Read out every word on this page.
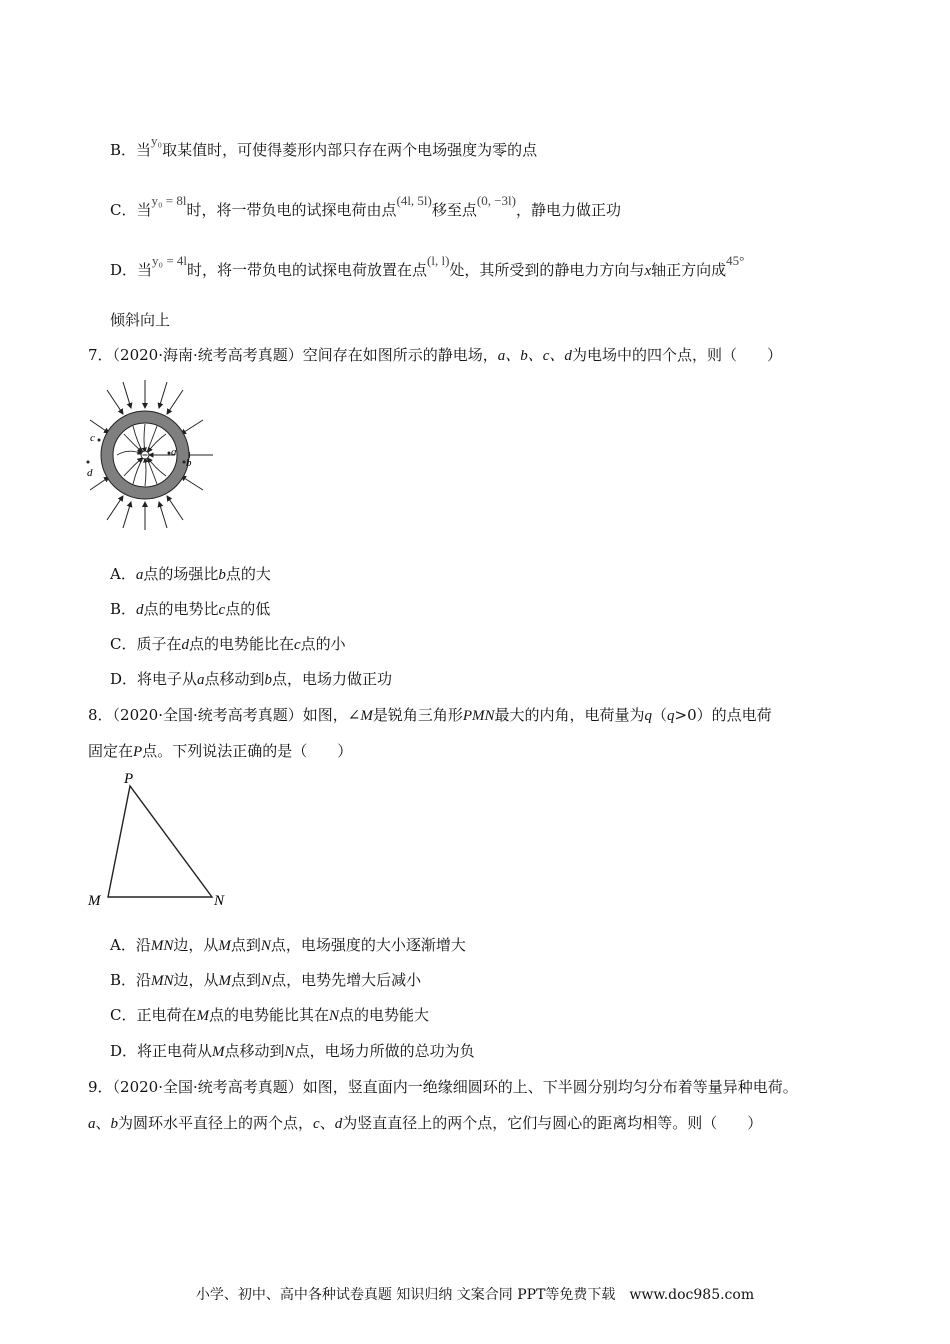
B．当y₀取某值时，可使得菱形内部只存在两个电场强度为零的点
C．当y₀ = 8l时，将一带负电的试探电荷由点(4l, 5l)移至点(0, −3l)，静电力做正功
D．当y₀ = 4l时，将一带负电的试探电荷放置在点(l, l)处，其所受到的静电力方向与x轴正方向成45°
倾斜向上
7．（2020·海南·统考高考真题）空间存在如图所示的静电场，a、b、c、d为电场中的四个点，则（　　）
a
b
c
d
A．a点的场强比b点的大
B．d点的电势比c点的低
C．质子在d点的电势能比在c点的小
D．将电子从a点移动到b点，电场力做正功
8．（2020·全国·统考高考真题）如图，∠M是锐角三角形PMN最大的内角，电荷量为q（q>0）的点电荷
固定在P点。下列说法正确的是（　　）
P
M	N
A．沿MN边，从M点到N点，电场强度的大小逐渐增大
B．沿MN边，从M点到N点，电势先增大后减小
C．正电荷在M点的电势能比其在N点的电势能大
D．将正电荷从M点移动到N点，电场力所做的总功为负
9．（2020·全国·统考高考真题）如图，竖直面内一绝缘细圆环的上、下半圆分别均匀分布着等量异种电荷。
a、b为圆环水平直径上的两个点，c、d为竖直直径上的两个点，它们与圆心的距离均相等。则（　　）
小学、初中、高中各种试卷真题 知识归纳 文案合同 PPT等免费下载　www.doc985.com
